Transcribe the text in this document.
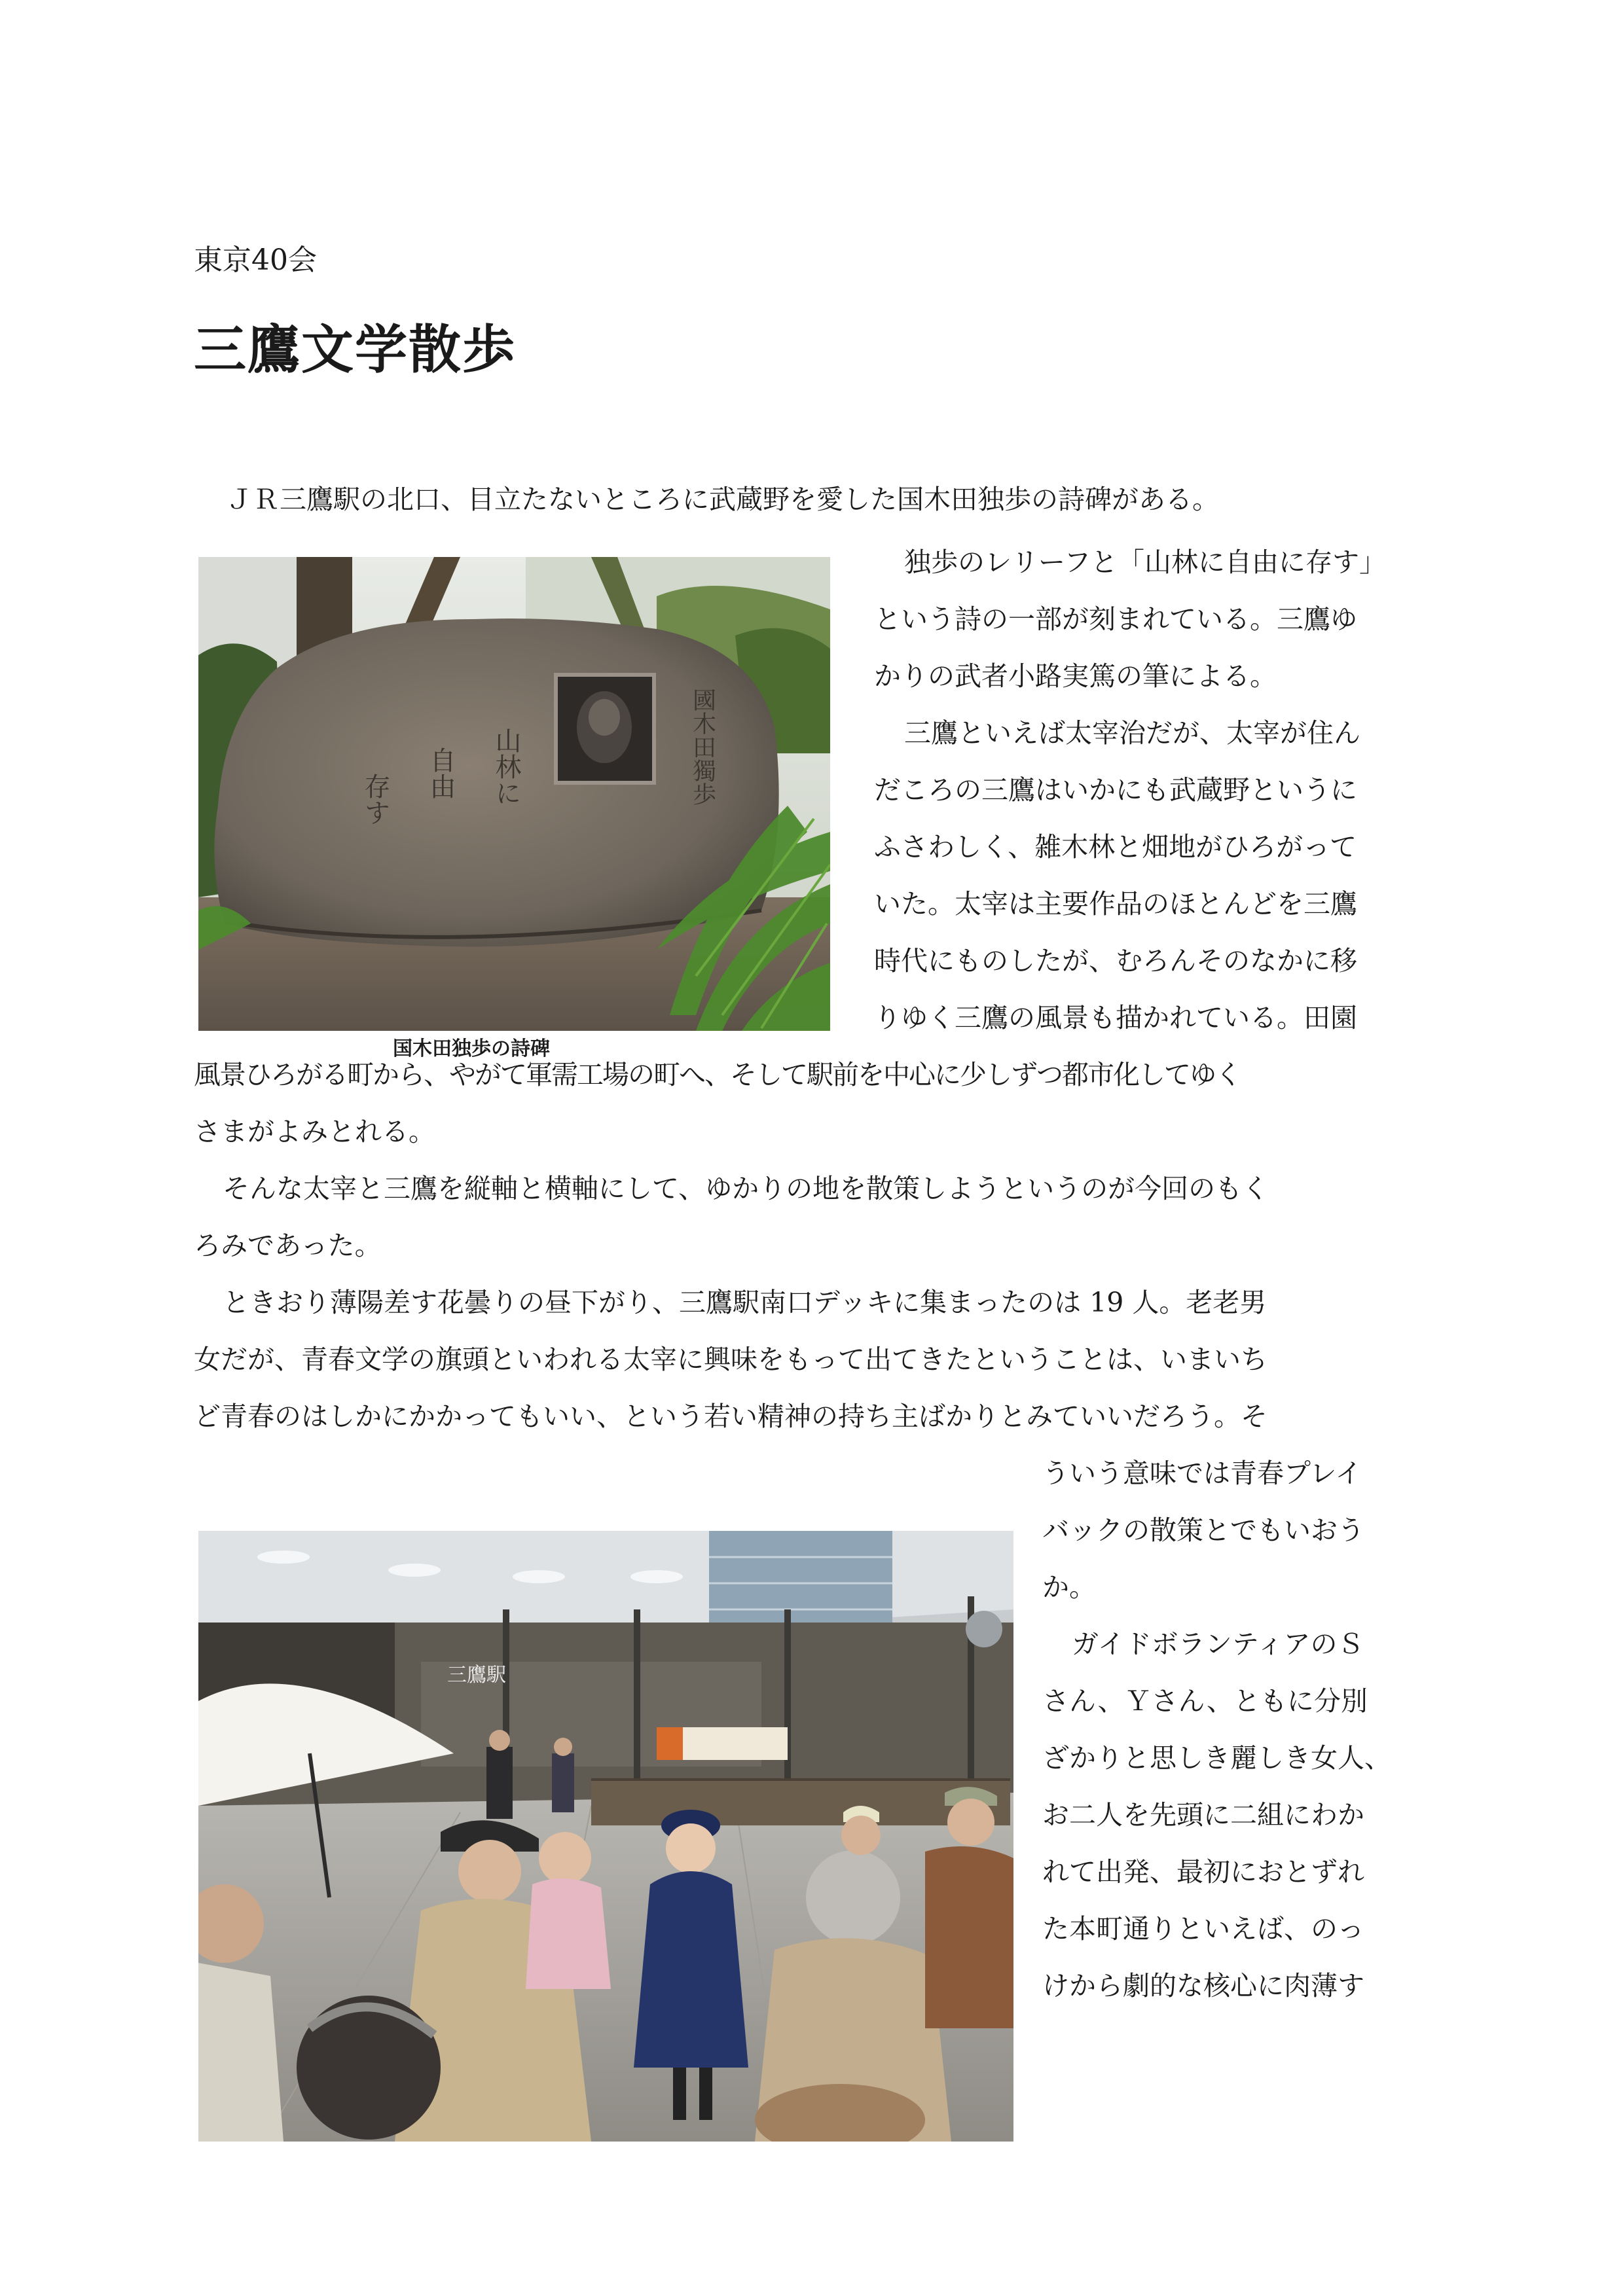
東京40会
三鷹文学散歩
ＪＲ三鷹駅の北口、目立たないところに武蔵野を愛した国木田独歩の詩碑がある。
独歩のレリーフと「山林に自由に存す」
という詩の一部が刻まれている。三鷹ゆ
かりの武者小路実篤の筆による。
三鷹といえば太宰治だが、太宰が住ん
だころの三鷹はいかにも武蔵野というに
ふさわしく、雑木林と畑地がひろがって
いた。太宰は主要作品のほとんどを三鷹
時代にものしたが、むろんそのなかに移
りゆく三鷹の風景も描かれている。田園
風景ひろがる町から、やがて軍需工場の町へ、そして駅前を中心に少しずつ都市化してゆく
さまがよみとれる。
そんな太宰と三鷹を縦軸と横軸にして、ゆかりの地を散策しようというのが今回のもく
ろみであった。
ときおり薄陽差す花曇りの昼下がり、三鷹駅南口デッキに集まったのは 19 人。老老男
女だが、青春文学の旗頭といわれる太宰に興味をもって出てきたということは、いまいち
ど青春のはしかにかかってもいい、という若い精神の持ち主ばかりとみていいだろう。そ
ういう意味では青春プレイ
バックの散策とでもいおう
か。
ガイドボランティアのＳ
さん、Ｙさん、ともに分別
ざかりと思しき麗しき女人、
お二人を先頭に二組にわか
れて出発、最初におとずれ
た本町通りといえば、のっ
けから劇的な核心に肉薄す
山林に
自由
存す	國木田獨歩
国木田独歩の詩碑
三鷹駅
